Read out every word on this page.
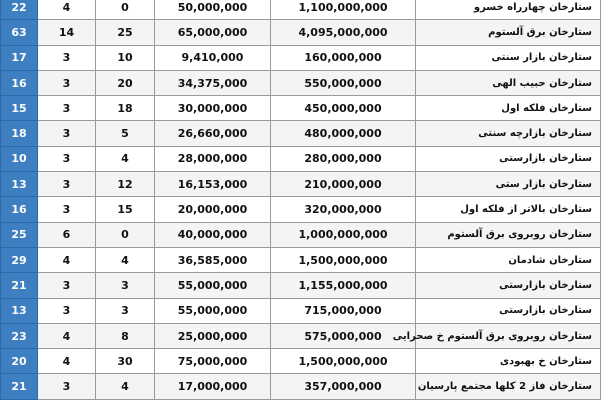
22	4	0	50,000,000	1,100,000,000	ستارخان چهارراه خسرو
63	14	25	65,000,000	4,095,000,000	ستارخان برق آلستوم
17	3	10	9,410,000	160,000,000	ستارخان بازار سنتی
16	3	20	34,375,000	550,000,000	ستارخان حبیب الهی
15	3	18	30,000,000	450,000,000	ستارخان فلکه اول
18	3	5	26,660,000	480,000,000	ستارخان بازارچه سنتی
10	3	4	28,000,000	280,000,000	ستارخان بازارستی
13	3	12	16,153,000	210,000,000	ستارخان بازار ستی
16	3	15	20,000,000	320,000,000	ستارخان بالاتر از فلکه اول
25	6	0	40,000,000	1,000,000,000	ستارخان روبروی برق آلستوم
29	4	4	36,585,000	1,500,000,000	ستارخان شادمان
21	3	3	55,000,000	1,155,000,000	ستارخان بازارستی
13	3	3	55,000,000	715,000,000	ستارخان بازارستی
23	4	8	25,000,000	575,000,000	ستارخان روبروی برق آلستوم خ صحرایی
20	4	30	75,000,000	1,500,000,000	ستارخان خ بهبودی
21	3	4	17,000,000	357,000,000	ستارخان فاز 2 کلها مجتمع پارسیان
